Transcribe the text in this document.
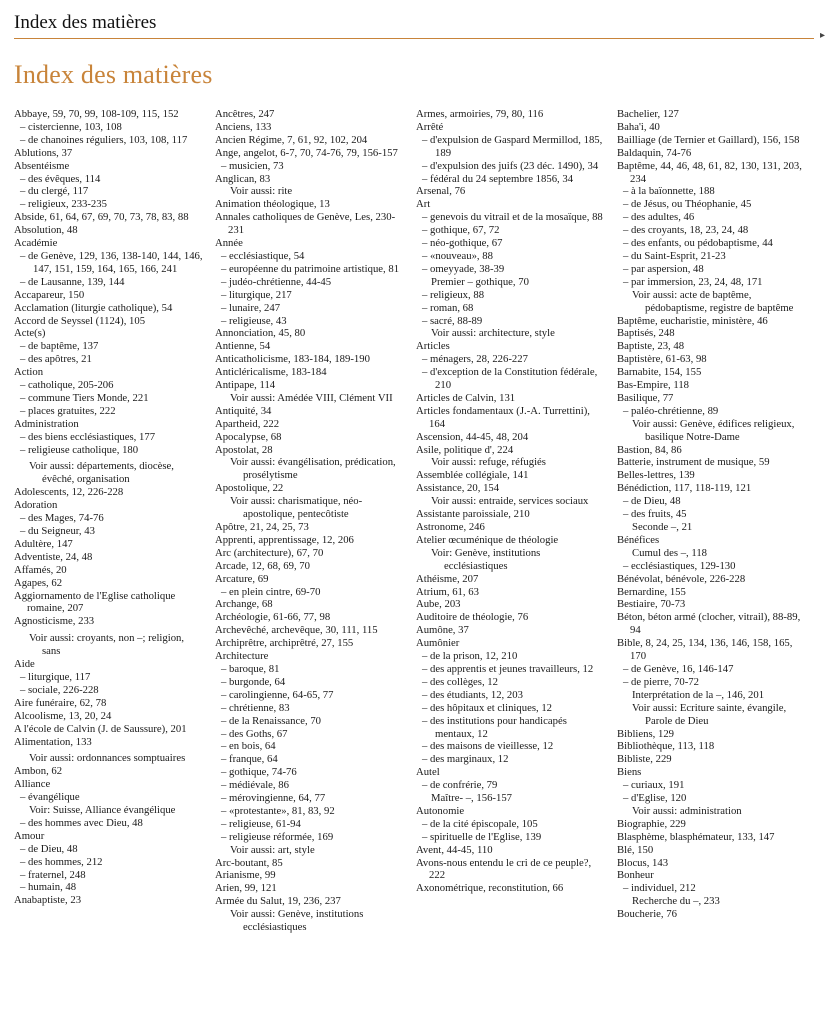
Index des matières
▸
Index des matières
Abbaye, 59, 70, 99, 108-109, 115, 152
– cistercienne, 103, 108
– de chanoines réguliers, 103, 108, 117
Ablutions, 37
Absentéisme
– des évêques, 114
– du clergé, 117
– religieux, 233-235
Abside, 61, 64, 67, 69, 70, 73, 78, 83, 88
Absolution, 48
Académie
– de Genève, 129, 136, 138-140, 144, 146, 147, 151, 159, 164, 165, 166, 241
– de Lausanne, 139, 144
Accapareur, 150
Acclamation (liturgie catholique), 54
Accord de Seyssel (1124), 105
Acte(s)
– de baptême, 137
– des apôtres, 21
Action
– catholique, 205-206
– commune Tiers Monde, 221
– places gratuites, 222
Administration
– des biens ecclésiastiques, 177
– religieuse catholique, 180
Voir aussi: départements, diocèse, évêché, organisation
Adolescents, 12, 226-228
Adoration
– des Mages, 74-76
– du Seigneur, 43
Adultère, 147
Adventiste, 24, 48
Affamés, 20
Agapes, 62
Aggiornamento de l'Eglise catholique romaine, 207
Agnosticisme, 233
Voir aussi: croyants, non –; religion, sans
Aide
– liturgique, 117
– sociale, 226-228
Aire funéraire, 62, 78
Alcoolisme, 13, 20, 24
A l'école de Calvin (J. de Saussure), 201
Alimentation, 133
Voir aussi: ordonnances somptuaires
Ambon, 62
Alliance
– évangélique
Voir: Suisse, Alliance évangélique
– des hommes avec Dieu, 48
Amour
– de Dieu, 48
– des hommes, 212
– fraternel, 248
– humain, 48
Anabaptiste, 23
Ancêtres, 247
Anciens, 133
Ancien Régime, 7, 61, 92, 102, 204
Ange, angelot, 6-7, 70, 74-76, 79, 156-157
– musicien, 73
Anglican, 83
Voir aussi: rite
Animation théologique, 13
Annales catholiques de Genève, Les, 230-231
Année
– ecclésiastique, 54
– européenne du patrimoine artistique, 81
– judéo-chrétienne, 44-45
– liturgique, 217
– lunaire, 247
– religieuse, 43
Annonciation, 45, 80
Antienne, 54
Anticatholicisme, 183-184, 189-190
Anticléricalisme, 183-184
Antipape, 114
Voir aussi: Amédée VIII, Clément VII
Antiquité, 34
Apartheid, 222
Apocalypse, 68
Apostolat, 28
Voir aussi: évangélisation, prédication, prosélytisme
Apostolique, 22
Voir aussi: charismatique, néo-apostolique, pentecôtiste
Apôtre, 21, 24, 25, 73
Apprenti, apprentissage, 12, 206
Arc (architecture), 67, 70
Arcade, 12, 68, 69, 70
Arcature, 69
– en plein cintre, 69-70
Archange, 68
Archéologie, 61-66, 77, 98
Archevêché, archevêque, 30, 111, 115
Archiprêtre, archiprêtré, 27, 155
Architecture
– baroque, 81
– burgonde, 64
– carolingienne, 64-65, 77
– chrétienne, 83
– de la Renaissance, 70
– des Goths, 67
– en bois, 64
– franque, 64
– gothique, 74-76
– médiévale, 86
– mérovingienne, 64, 77
– «protestante», 81, 83, 92
– religieuse, 61-94
– religieuse réformée, 169
Voir aussi: art, style
Arc-boutant, 85
Arianisme, 99
Arien, 99, 121
Armée du Salut, 19, 236, 237
Voir aussi: Genève, institutions ecclésiastiques
Armes, armoiries, 79, 80, 116
Arrêté
– d'expulsion de Gaspard Mermillod, 185, 189
– d'expulsion des juifs (23 déc. 1490), 34
– fédéral du 24 septembre 1856, 34
Arsenal, 76
Art
– genevois du vitrail et de la mosaïque, 88
– gothique, 67, 72
– néo-gothique, 67
– «nouveau», 88
– omeyyade, 38-39
Premier – gothique, 70
– religieux, 88
– roman, 68
– sacré, 88-89
Voir aussi: architecture, style
Articles
– ménagers, 28, 226-227
– d'exception de la Constitution fédérale, 210
Articles de Calvin, 131
Articles fondamentaux (J.-A. Turrettini), 164
Ascension, 44-45, 48, 204
Asile, politique d', 224
Voir aussi: refuge, réfugiés
Assemblée collégiale, 141
Assistance, 20, 154
Voir aussi: entraide, services sociaux
Assistante paroissiale, 210
Astronome, 246
Atelier œcuménique de théologie
Voir: Genève, institutions ecclésiastiques
Athéisme, 207
Atrium, 61, 63
Aube, 203
Auditoire de théologie, 76
Aumône, 37
Aumônier
– de la prison, 12, 210
– des apprentis et jeunes travailleurs, 12
– des collèges, 12
– des étudiants, 12, 203
– des hôpitaux et cliniques, 12
– des institutions pour handicapés mentaux, 12
– des maisons de vieillesse, 12
– des marginaux, 12
Autel
– de confrérie, 79
Maître- –, 156-157
Autonomie
– de la cité épiscopale, 105
– spirituelle de l'Eglise, 139
Avent, 44-45, 110
Avons-nous entendu le cri de ce peuple?, 222
Axonométrique, reconstitution, 66
Bachelier, 127
Baha'i, 40
Bailliage (de Ternier et Gaillard), 156, 158
Baldaquin, 74-76
Baptême, 44, 46, 48, 61, 82, 130, 131, 203, 234
– à la baïonnette, 188
– de Jésus, ou Théophanie, 45
– des adultes, 46
– des croyants, 18, 23, 24, 48
– des enfants, ou pédobaptisme, 44
– du Saint-Esprit, 21-23
– par aspersion, 48
– par immersion, 23, 24, 48, 171
Voir aussi: acte de baptême, pédobaptisme, registre de baptême
Baptême, eucharistie, ministère, 46
Baptisés, 248
Baptiste, 23, 48
Baptistère, 61-63, 98
Barnabite, 154, 155
Bas-Empire, 118
Basilique, 77
– paléo-chrétienne, 89
Voir aussi: Genève, édifices religieux, basilique Notre-Dame
Bastion, 84, 86
Batterie, instrument de musique, 59
Belles-lettres, 139
Bénédiction, 117, 118-119, 121
– de Dieu, 48
– des fruits, 45
Seconde –, 21
Bénéfices
Cumul des –, 118
– ecclésiastiques, 129-130
Bénévolat, bénévole, 226-228
Bernardine, 155
Bestiaire, 70-73
Béton, béton armé (clocher, vitrail), 88-89, 94
Bible, 8, 24, 25, 134, 136, 146, 158, 165, 170
– de Genève, 16, 146-147
– de pierre, 70-72
Interprétation de la –, 146, 201
Voir aussi: Ecriture sainte, évangile, Parole de Dieu
Bibliens, 129
Bibliothèque, 113, 118
Bibliste, 229
Biens
– curiaux, 191
– d'Eglise, 120
Voir aussi: administration
Biographie, 229
Blasphème, blasphémateur, 133, 147
Blé, 150
Blocus, 143
Bonheur
– individuel, 212
Recherche du –, 233
Boucherie, 76
